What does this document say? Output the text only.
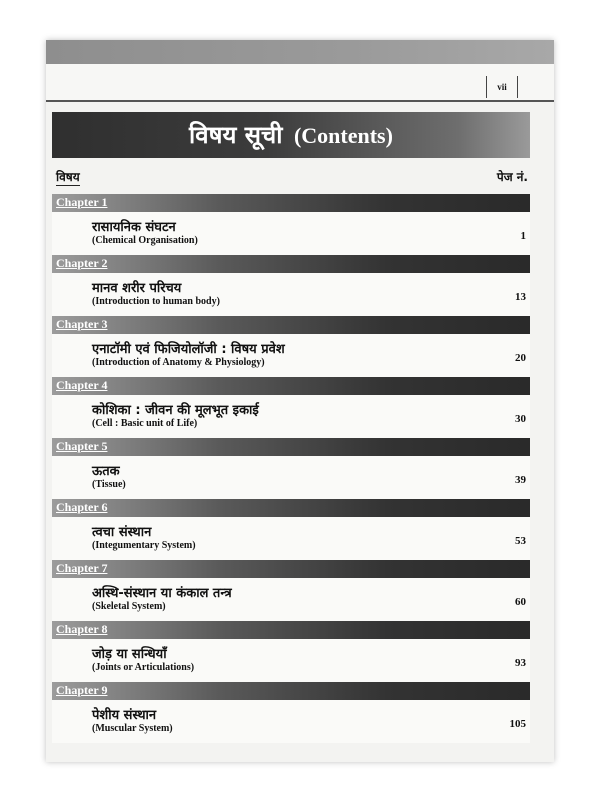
vii
विषय सूची (Contents)
विषय	पेज नं.
Chapter 1
रासायनिक संघटन
(Chemical Organisation)	1
Chapter 2
मानव शरीर परिचय
(Introduction to human body)	13
Chapter 3
एनाटॉमी एवं फिजियोलॉजी : विषय प्रवेश
(Introduction of Anatomy & Physiology)	20
Chapter 4
कोशिका : जीवन की मूलभूत इकाई
(Cell : Basic unit of Life)	30
Chapter 5
ऊतक
(Tissue)	39
Chapter 6
त्वचा संस्थान
(Integumentary System)	53
Chapter 7
अस्थि-संस्थान या कंकाल तन्त्र
(Skeletal System)	60
Chapter 8
जोड़ या सन्धियाँ
(Joints or Articulations)	93
Chapter 9
पेशीय संस्थान
(Muscular System)	105
